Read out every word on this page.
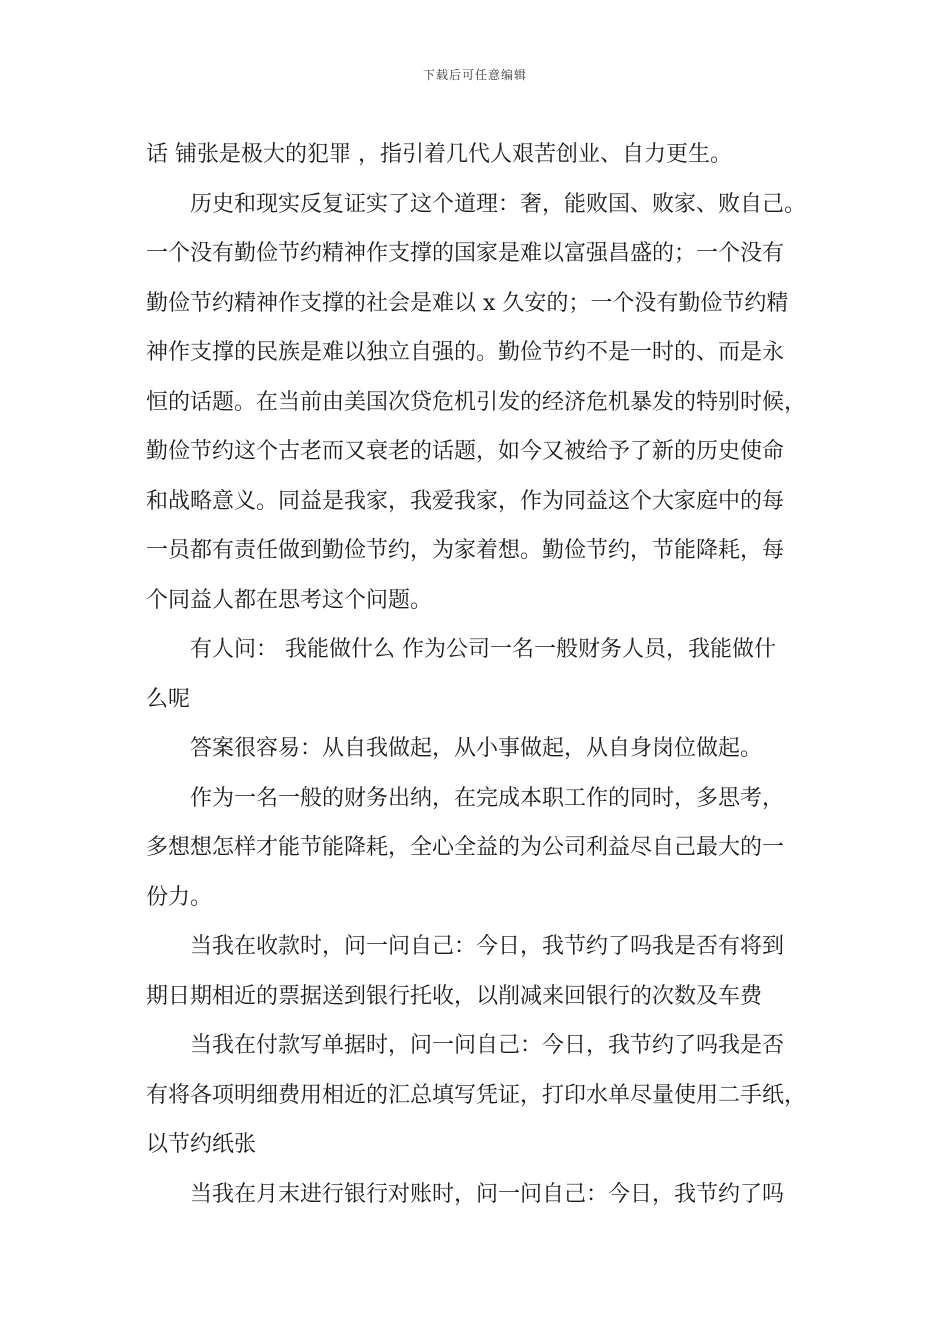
下载后可任意编辑
话 铺张是极大的犯罪 ，指引着几代人艰苦创业、自力更生。
历史和现实反复证实了这个道理：奢，能败国、败家、败自己。
一个没有勤俭节约精神作支撑的国家是难以富强昌盛的；一个没有
勤俭节约精神作支撑的社会是难以 x 久安的；一个没有勤俭节约精
神作支撑的民族是难以独立自强的。勤俭节约不是一时的、而是永
恒的话题。在当前由美国次贷危机引发的经济危机暴发的特别时候，
勤俭节约这个古老而又衰老的话题，如今又被给予了新的历史使命
和战略意义。同益是我家，我爱我家，作为同益这个大家庭中的每
一员都有责任做到勤俭节约，为家着想。勤俭节约，节能降耗，每
个同益人都在思考这个问题。
有人问： 我能做什么 作为公司一名一般财务人员，我能做什
么呢
答案很容易：从自我做起，从小事做起，从自身岗位做起。
作为一名一般的财务出纳，在完成本职工作的同时，多思考，
多想想怎样才能节能降耗，全心全益的为公司利益尽自己最大的一
份力。
当我在收款时，问一问自己：今日，我节约了吗我是否有将到
期日期相近的票据送到银行托收，以削减来回银行的次数及车费
当我在付款写单据时，问一问自己：今日，我节约了吗我是否
有将各项明细费用相近的汇总填写凭证，打印水单尽量使用二手纸，
以节约纸张
当我在月末进行银行对账时，问一问自己：今日，我节约了吗
